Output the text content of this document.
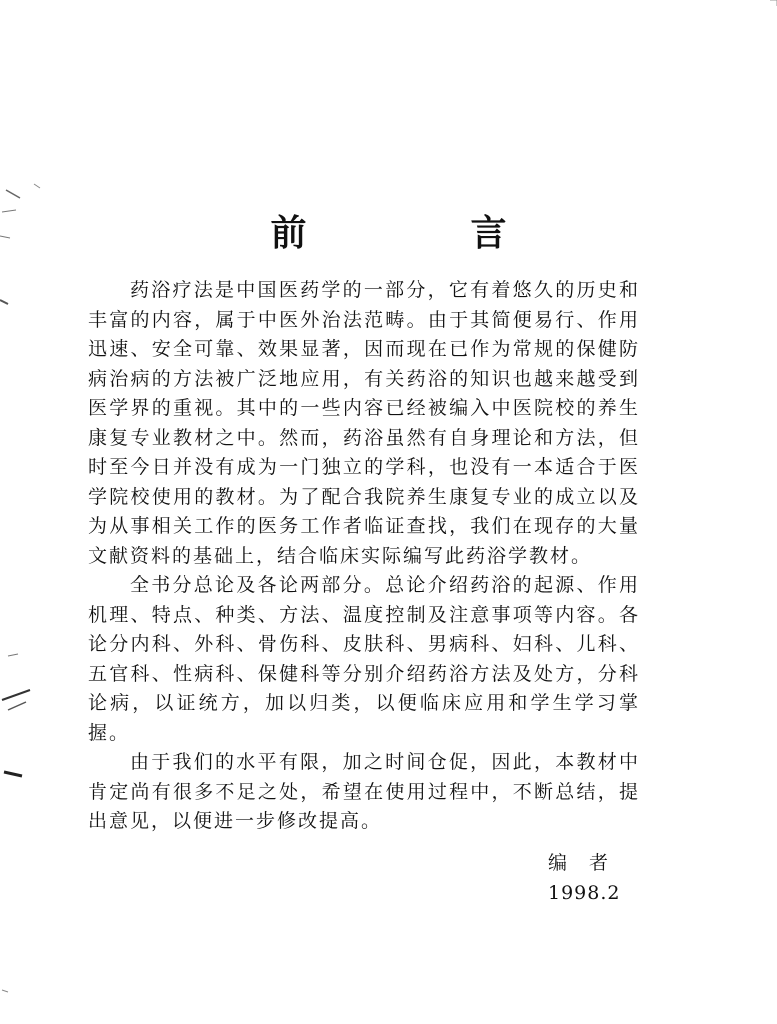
前　言

药浴疗法是中国医药学的一部分，它有着悠久的历史和丰富的内容，属于中医外治法范畴。由于其简便易行、作用迅速、安全可靠、效果显著，因而现在已作为常规的保健防病治病的方法被广泛地应用，有关药浴的知识也越来越受到医学界的重视。其中的一些内容已经被编入中医院校的养生康复专业教材之中。然而，药浴虽然有自身理论和方法，但时至今日并没有成为一门独立的学科，也没有一本适合于医学院校使用的教材。为了配合我院养生康复专业的成立以及为从事相关工作的医务工作者临证查找，我们在现存的大量文献资料的基础上，结合临床实际编写此药浴学教材。

全书分总论及各论两部分。总论介绍药浴的起源、作用机理、特点、种类、方法、温度控制及注意事项等内容。各论分内科、外科、骨伤科、皮肤科、男病科、妇科、儿科、五官科、性病科、保健科等分别介绍药浴方法及处方，分科论病，以证统方，加以归类，以便临床应用和学生学习掌握。

由于我们的水平有限，加之时间仓促，因此，本教材中肯定尚有很多不足之处，希望在使用过程中，不断总结，提出意见，以便进一步修改提高。

编者
1998.2
